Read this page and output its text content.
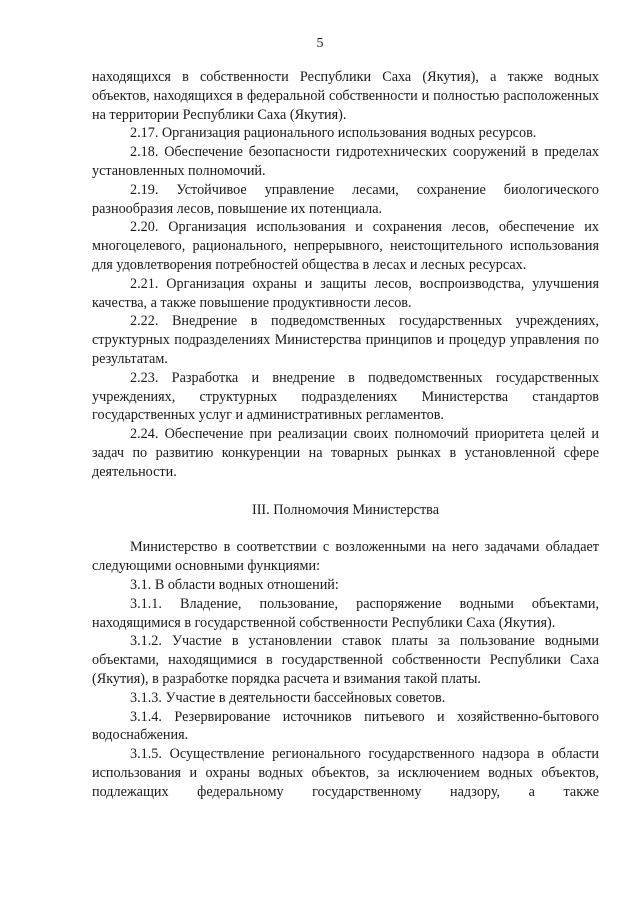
5

находящихся в собственности Республики Саха (Якутия), а также водных объектов, находящихся в федеральной собственности и полностью расположенных на территории Республики Саха (Якутия).

2.17. Организация рационального использования водных ресурсов.

2.18. Обеспечение безопасности гидротехнических сооружений в пределах установленных полномочий.

2.19. Устойчивое управление лесами, сохранение биологического разнообразия лесов, повышение их потенциала.

2.20. Организация использования и сохранения лесов, обеспечение их многоцелевого, рационального, непрерывного, неистощительного использования для удовлетворения потребностей общества в лесах и лесных ресурсах.

2.21. Организация охраны и защиты лесов, воспроизводства, улучшения качества, а также повышение продуктивности лесов.

2.22. Внедрение в подведомственных государственных учреждениях, структурных подразделениях Министерства принципов и процедур управления по результатам.

2.23. Разработка и внедрение в подведомственных государственных учреждениях, структурных подразделениях Министерства стандартов государственных услуг и административных регламентов.

2.24. Обеспечение при реализации своих полномочий приоритета целей и задач по развитию конкуренции на товарных рынках в установленной сфере деятельности.

III. Полномочия Министерства

Министерство в соответствии с возложенными на него задачами обладает следующими основными функциями:

3.1. В области водных отношений:

3.1.1. Владение, пользование, распоряжение водными объектами, находящимися в государственной собственности Республики Саха (Якутия).

3.1.2. Участие в установлении ставок платы за пользование водными объектами, находящимися в государственной собственности Республики Саха (Якутия), в разработке порядка расчета и взимания такой платы.

3.1.3. Участие в деятельности бассейновых советов.

3.1.4. Резервирование источников питьевого и хозяйственно-бытового водоснабжения.

3.1.5. Осуществление регионального государственного надзора в области использования и охраны водных объектов, за исключением водных объектов, подлежащих федеральному государственному надзору, а также
